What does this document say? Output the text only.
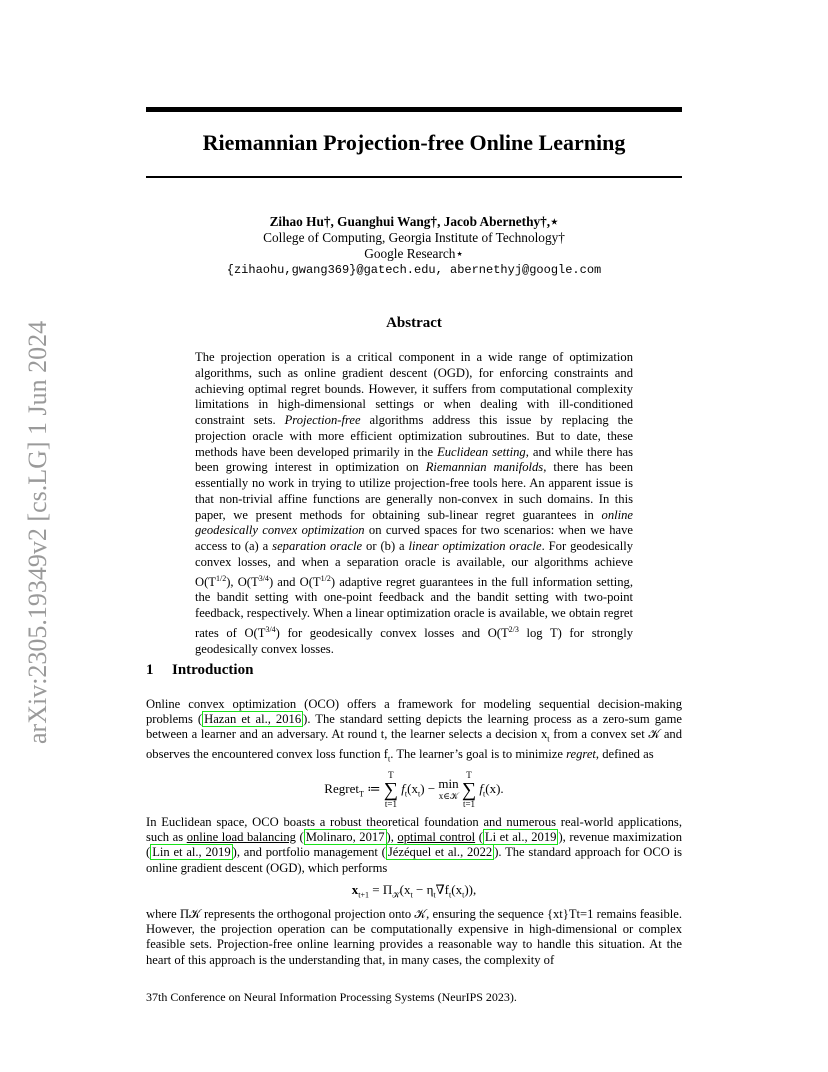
arXiv:2305.19349v2 [cs.LG] 1 Jun 2024
Riemannian Projection-free Online Learning
Zihao Hu†, Guanghui Wang†, Jacob Abernethy†,⋆
College of Computing, Georgia Institute of Technology†
Google Research⋆
{zihaohu,gwang369}@gatech.edu, abernethyj@google.com
Abstract
The projection operation is a critical component in a wide range of optimization algorithms, such as online gradient descent (OGD), for enforcing constraints and achieving optimal regret bounds. However, it suffers from computational complexity limitations in high-dimensional settings or when dealing with ill-conditioned constraint sets. Projection-free algorithms address this issue by replacing the projection oracle with more efficient optimization subroutines. But to date, these methods have been developed primarily in the Euclidean setting, and while there has been growing interest in optimization on Riemannian manifolds, there has been essentially no work in trying to utilize projection-free tools here. An apparent issue is that non-trivial affine functions are generally non-convex in such domains. In this paper, we present methods for obtaining sub-linear regret guarantees in online geodesically convex optimization on curved spaces for two scenarios: when we have access to (a) a separation oracle or (b) a linear optimization oracle. For geodesically convex losses, and when a separation oracle is available, our algorithms achieve $O(T^{1/2})$, $O(T^{3/4})$ and $O(T^{1/2})$ adaptive regret guarantees in the full information setting, the bandit setting with one-point feedback and the bandit setting with two-point feedback, respectively. When a linear optimization oracle is available, we obtain regret rates of $O(T^{3/4})$ for geodesically convex losses and $O(T^{2/3}$ log T) for strongly geodesically convex losses.
1 Introduction
Online convex optimization (OCO) offers a framework for modeling sequential decision-making problems ( Hazan et al., 2016 ). The standard setting depicts the learning process as a zero-sum game between a learner and an adversary. At round t, the learner selects a decision $x_t$ from a convex set 𝒦 and observes the encountered convex loss function $f_t$. The learner’s goal is to minimize regret, defined as
Regret$_T$ ≔ T
∑
t=1 $f_t(x_t) - \min$
x∈𝒦 T
∑
t=1 $f_t(x)$.
In Euclidean space, OCO boasts a robust theoretical foundation and numerous real-world applications, such as online load balancing ( Molinaro, 2017 ), optimal control ( Li et al., 2019 ), revenue maximization ( Lin et al., 2019 ), and portfolio management ( Jézéquel et al., 2022 ). The standard approach for OCO is online gradient descent (OGD), which performs
$x_{t+1} = \Pi_𝒦(x_t - \eta_t\nabla f_t(x_t))$,
where Π𝒦 represents the orthogonal projection onto 𝒦, ensuring the sequence {xt}Tt=1 remains feasible. However, the projection operation can be computationally expensive in high-dimensional or complex feasible sets. Projection-free online learning provides a reasonable way to handle this situation. At the heart of this approach is the understanding that, in many cases, the complexity of
37th Conference on Neural Information Processing Systems (NeurIPS 2023).
